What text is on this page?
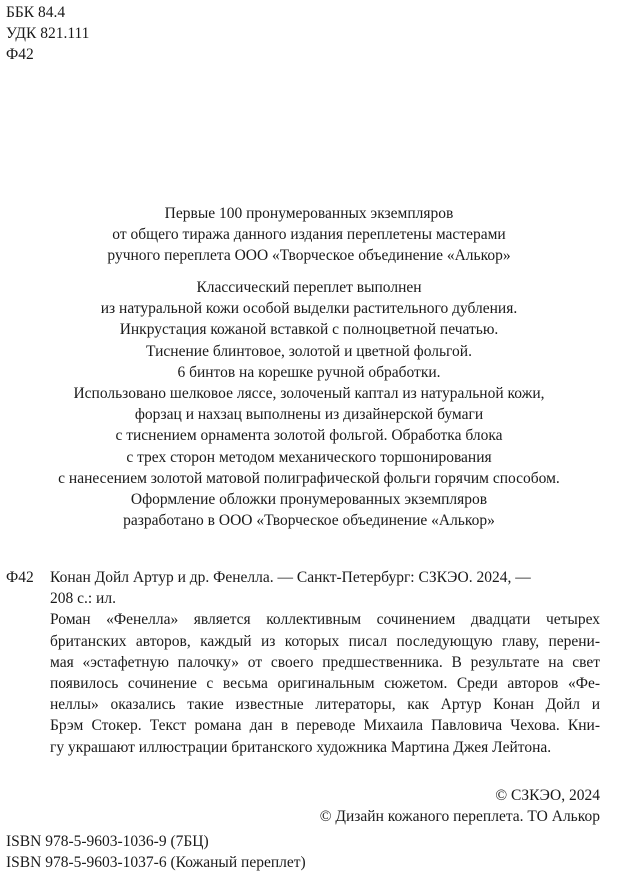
ББК 84.4
УДК 821.111
Ф42
Первые 100 пронумерованных экземпляров
от общего тиража данного издания переплетены мастерами
ручного переплета ООО «Творческое объединение «Алькор»
Классический переплет выполнен
из натуральной кожи особой выделки растительного дубления.
Инкрустация кожаной вставкой с полноцветной печатью.
Тиснение блинтовое, золотой и цветной фольгой.
6 бинтов на корешке ручной обработки.
Использовано шелковое ляссе, золоченый каптал из натуральной кожи,
форзац и нахзац выполнены из дизайнерской бумаги
с тиснением орнамента золотой фольгой. Обработка блока
с трех сторон методом механического торшонирования
с нанесением золотой матовой полиграфической фольги горячим способом.
Оформление обложки пронумерованных экземпляров
разработано в ООО «Творческое объединение «Алькор»
Ф42 Конан Дойл Артур и др. Фенелла. — Санкт-Петербург: СЗКЭО. 2024, —
208 с.: ил.
Роман «Фенелла» является коллективным сочинением двадцати четырех
британских авторов, каждый из которых писал последующую главу, перени-
мая «эстафетную палочку» от своего предшественника. В результате на свет
появилось сочинение с весьма оригинальным сюжетом. Среди авторов «Фе-
неллы» оказались такие известные литераторы, как Артур Конан Дойл и
Брэм Стокер. Текст романа дан в переводе Михаила Павловича Чехова. Кни-
гу украшают иллюстрации британского художника Мартина Джея Лейтона.
© СЗКЭО, 2024
© Дизайн кожаного переплета. ТО Алькор
ISBN 978-5-9603-1036-9 (7БЦ)
ISBN 978-5-9603-1037-6 (Кожаный переплет)
